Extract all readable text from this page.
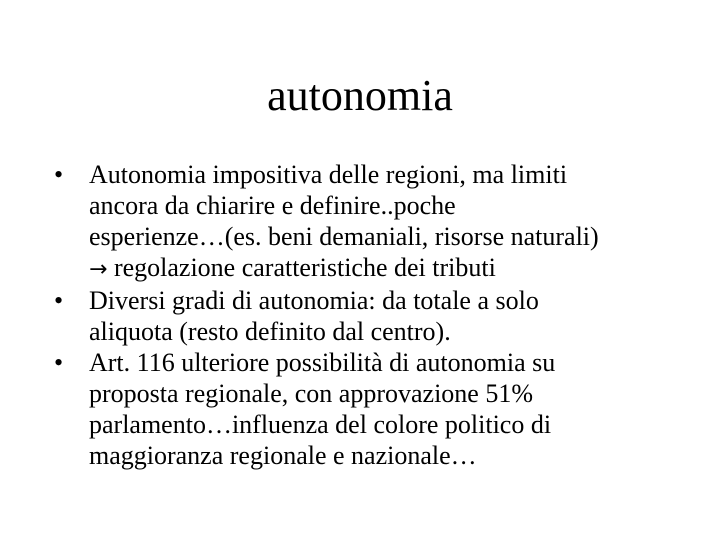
autonomia
• Autonomia impositiva delle regioni, ma limiti
ancora da chiarire e definire..poche
esperienze…(es. beni demaniali, risorse naturali)
→ regolazione caratteristiche dei tributi
• Diversi gradi di autonomia: da totale a solo
aliquota (resto definito dal centro).
• Art. 116 ulteriore possibilità di autonomia su
proposta regionale, con approvazione 51%
parlamento…influenza del colore politico di
maggioranza regionale e nazionale…
